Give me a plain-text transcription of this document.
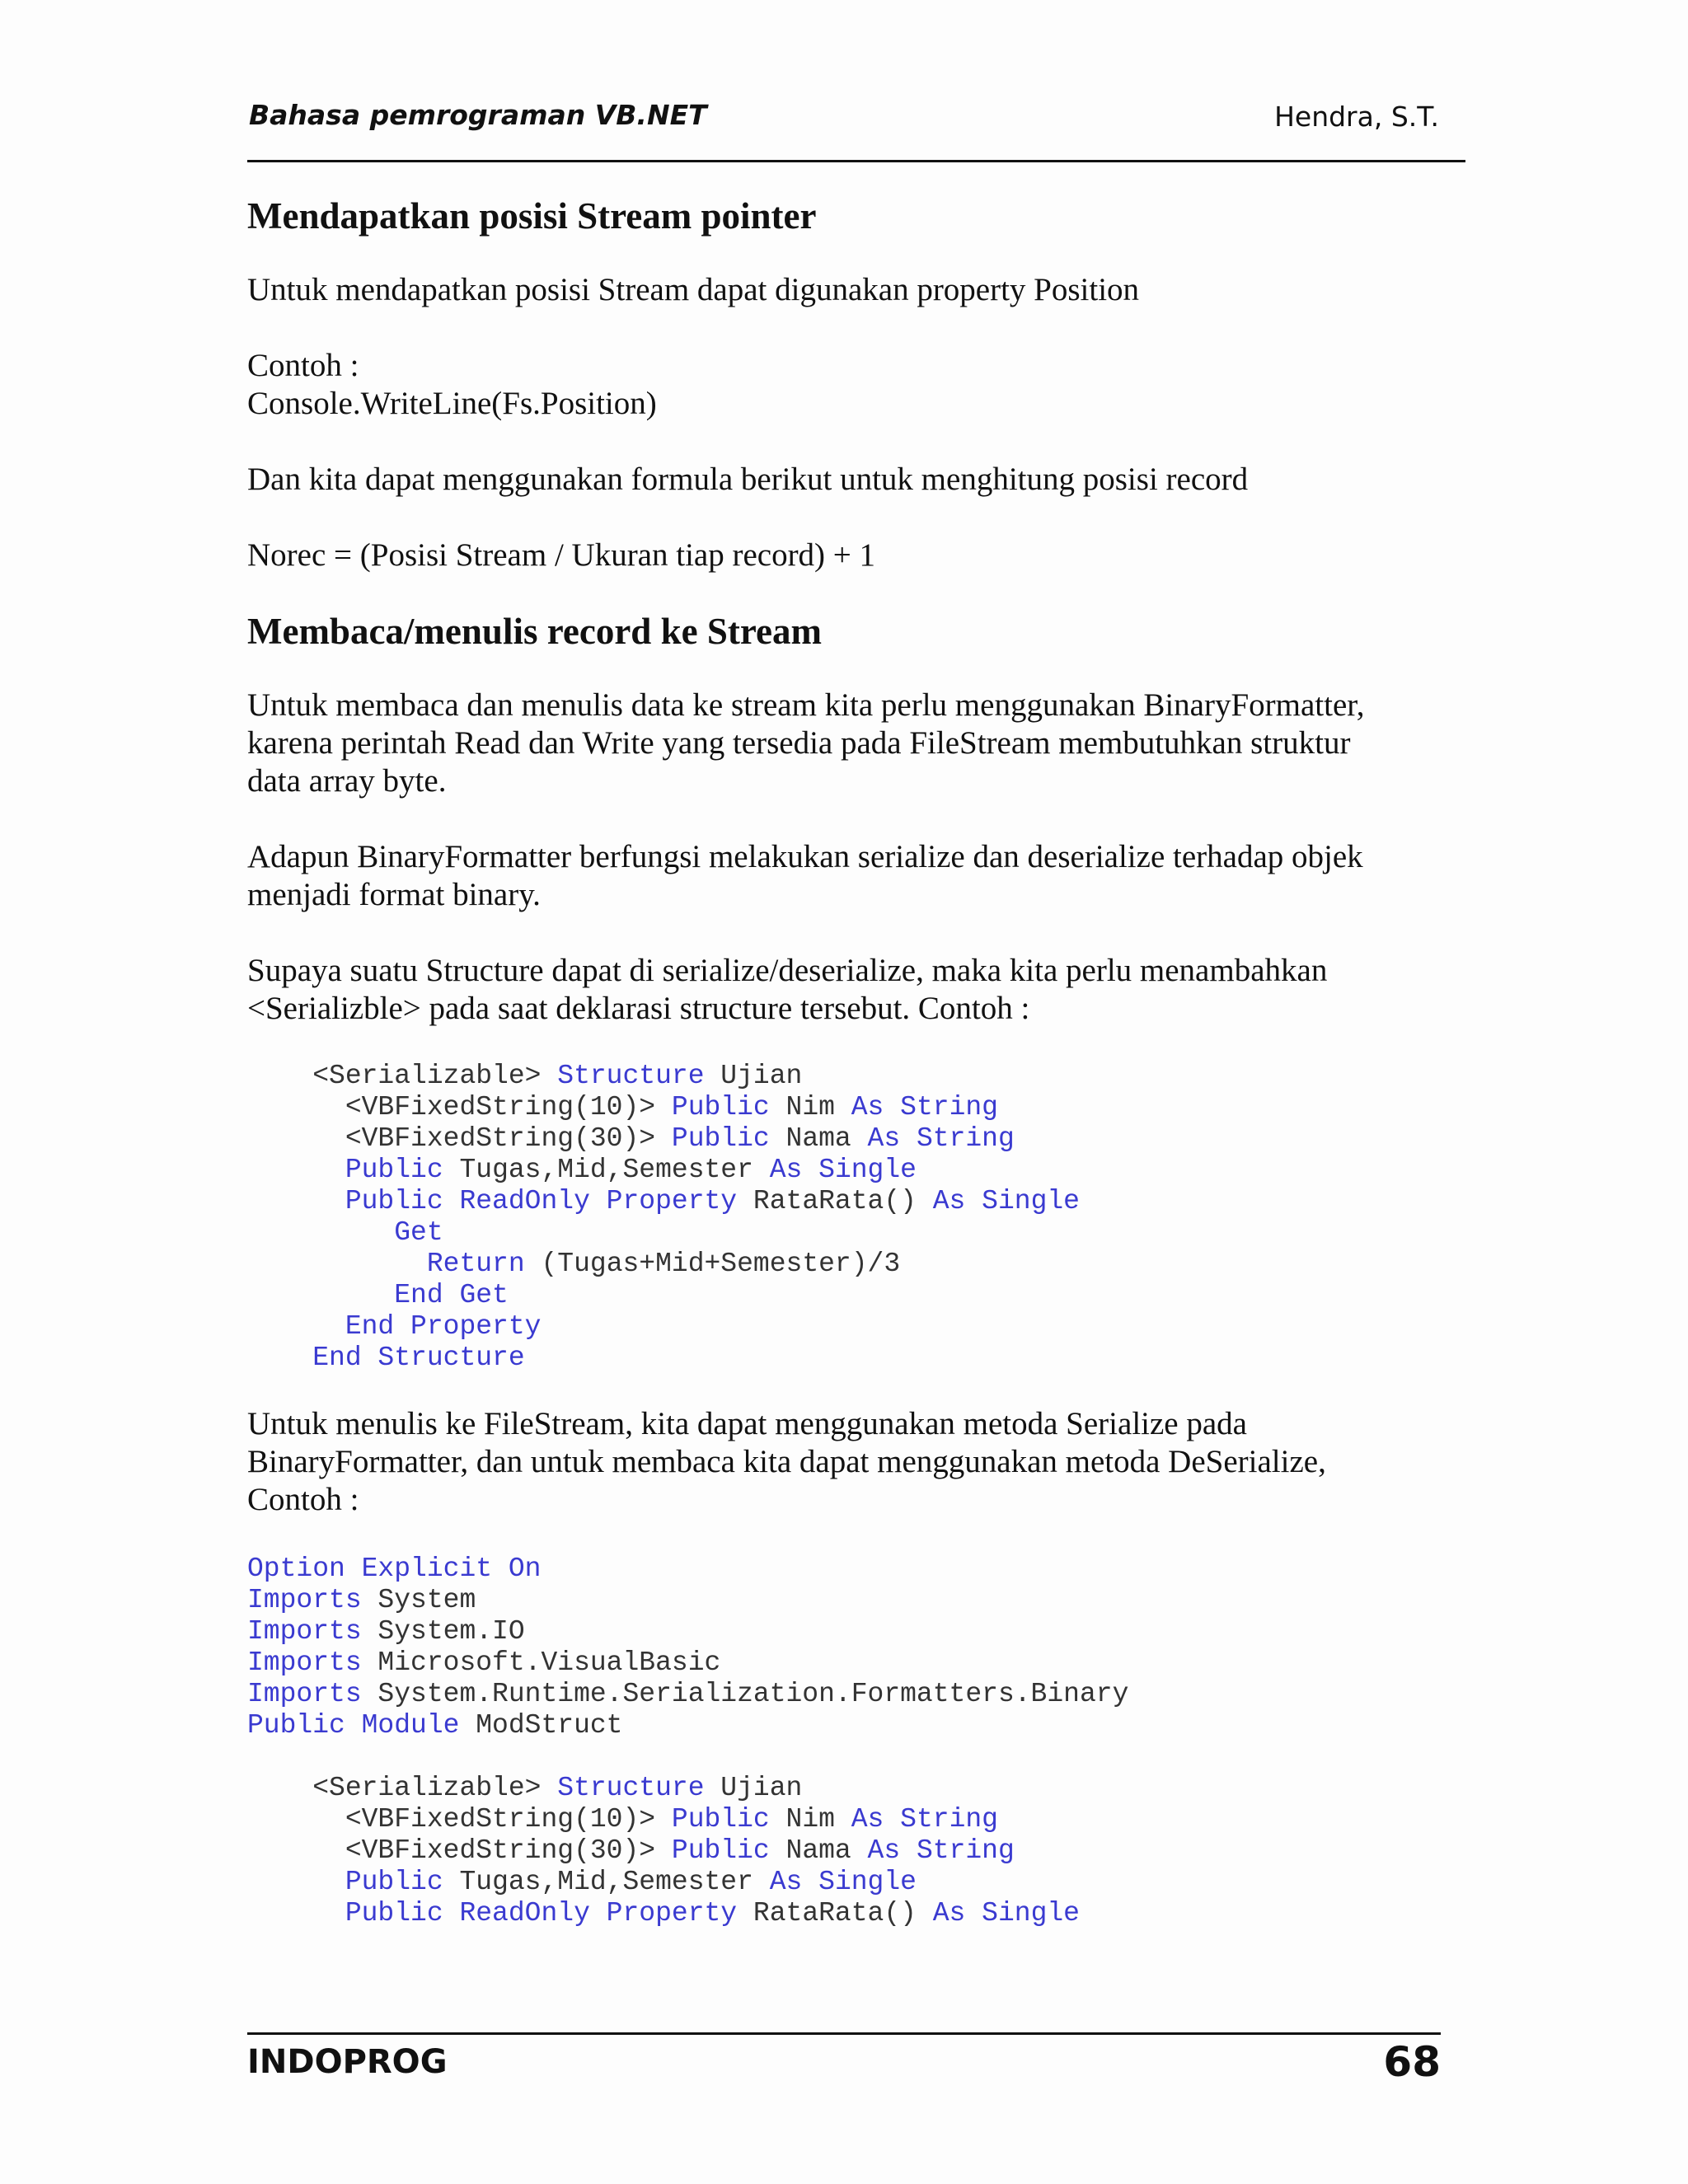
Bahasa pemrograman VB.NET	Hendra, S.T.
Mendapatkan posisi Stream pointer

Untuk mendapatkan posisi Stream dapat digunakan property Position

Contoh :

Console.WriteLine(Fs.Position)

Dan kita dapat menggunakan formula berikut untuk menghitung posisi record

Norec = (Posisi Stream / Ukuran tiap record) + 1

Membaca/menulis record ke Stream

Untuk membaca dan menulis data ke stream kita perlu menggunakan BinaryFormatter,

karena perintah Read dan Write yang tersedia pada FileStream membutuhkan struktur

data array byte.

Adapun BinaryFormatter berfungsi melakukan serialize dan deserialize terhadap objek

menjadi format binary.

Supaya suatu Structure dapat di serialize/deserialize, maka kita perlu menambahkan

<Serializble> pada saat deklarasi structure tersebut. Contoh :

<Serializable> Structure Ujian
<VBFixedString(10)> Public Nim As String
<VBFixedString(30)> Public Nama As String
Public Tugas,Mid,Semester As Single
Public ReadOnly Property RataRata() As Single
Get
Return (Tugas+Mid+Semester)/3
End Get
End Property
End Structure

Untuk menulis ke FileStream, kita dapat menggunakan metoda Serialize pada

BinaryFormatter, dan untuk membaca kita dapat menggunakan metoda DeSerialize,

Contoh :

Option Explicit On
Imports System
Imports System.IO
Imports Microsoft.VisualBasic
Imports System.Runtime.Serialization.Formatters.Binary
Public Module ModStruct
<Serializable> Structure Ujian
<VBFixedString(10)> Public Nim As String
<VBFixedString(30)> Public Nama As String
Public Tugas,Mid,Semester As Single
Public ReadOnly Property RataRata() As Single
INDOPROG	68
